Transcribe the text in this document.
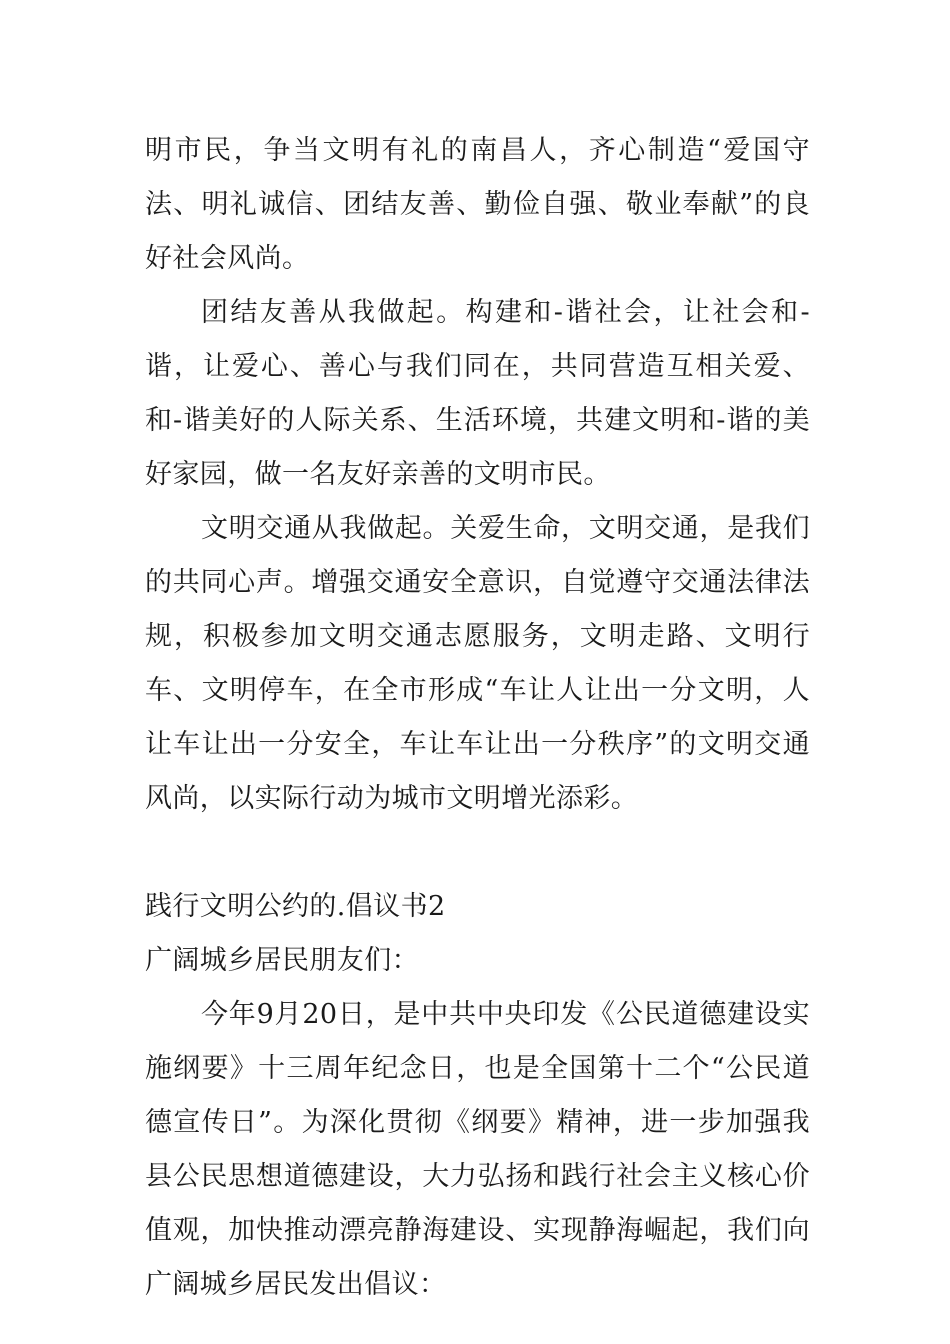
明市民，争当文明有礼的南昌人，齐心制造“爱国守法、明礼诚信、团结友善、勤俭自强、敬业奉献”的良好社会风尚。

团结友善从我做起。构建和-谐社会，让社会和-谐，让爱心、善心与我们同在，共同营造互相关爱、和-谐美好的人际关系、生活环境，共建文明和-谐的美好家园，做一名友好亲善的文明市民。

文明交通从我做起。关爱生命，文明交通，是我们的共同心声。增强交通安全意识，自觉遵守交通法律法规，积极参加文明交通志愿服务，文明走路、文明行车、文明停车，在全市形成“车让人让出一分文明，人让车让出一分安全，车让车让出一分秩序”的文明交通风尚，以实际行动为城市文明增光添彩。

践行文明公约的.倡议书2

广阔城乡居民朋友们：

今年9月20日，是中共中央印发《公民道德建设实施纲要》十三周年纪念日，也是全国第十二个“公民道德宣传日”。为深化贯彻《纲要》精神，进一步加强我县公民思想道德建设，大力弘扬和践行社会主义核心价值观，加快推动漂亮静海建设、实现静海崛起，我们向广阔城乡居民发出倡议：
